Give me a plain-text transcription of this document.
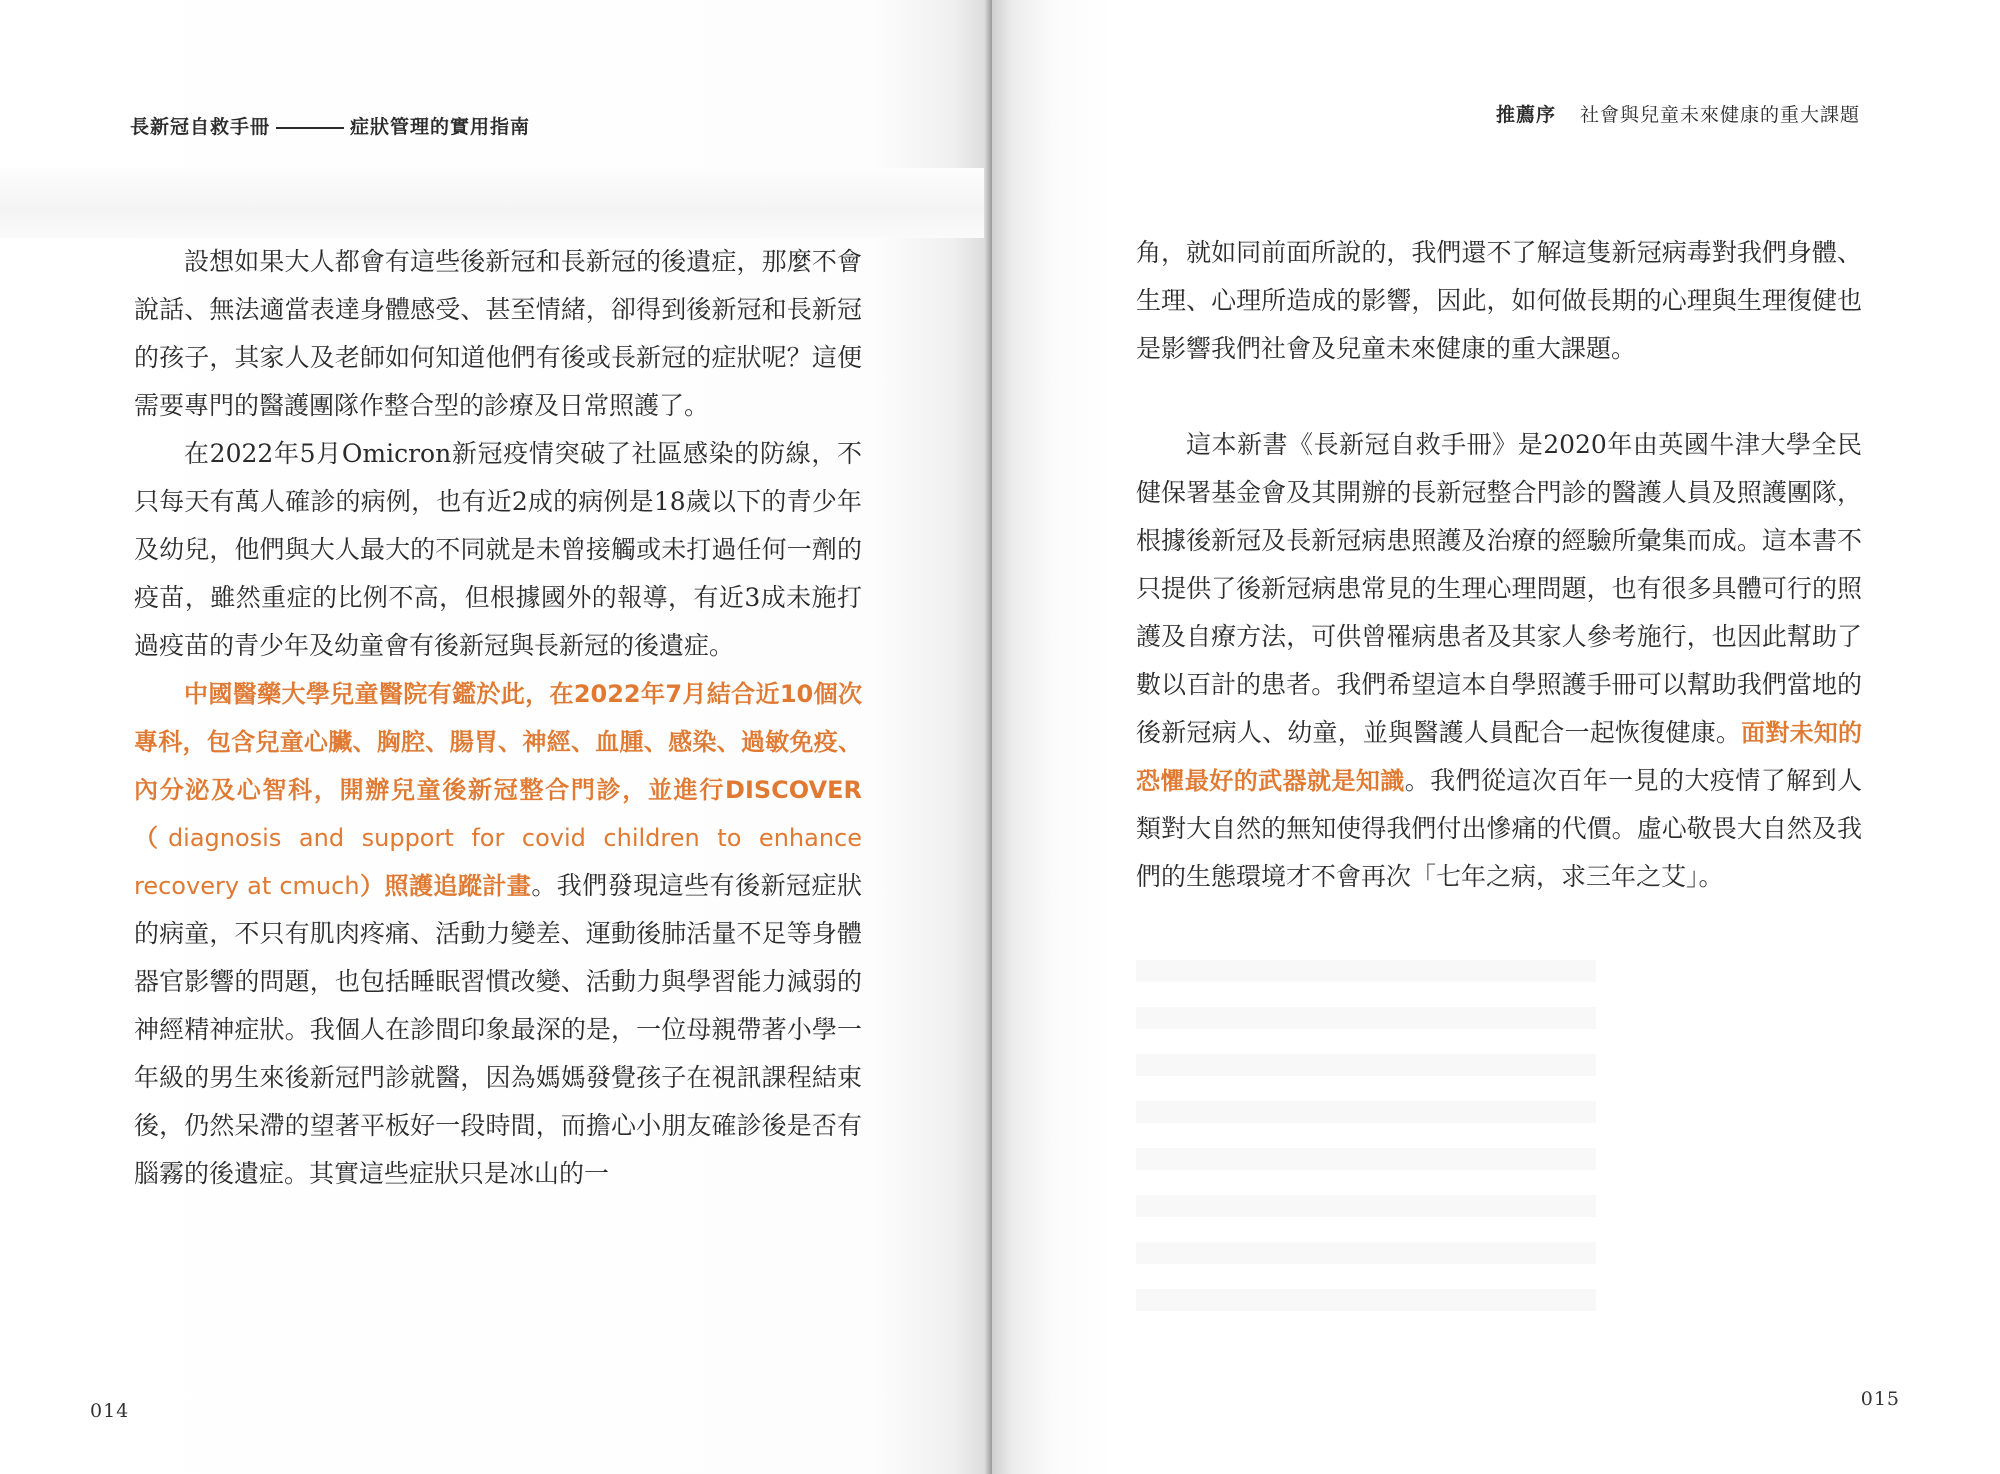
長新冠自救手冊	症狀管理的實用指南

設想如果大人都會有這些後新冠和長新冠的後遺症，那麼不會說話、無法適當表達身體感受、甚至情緒，卻得到後新冠和長新冠的孩子，其家人及老師如何知道他們有後或長新冠的症狀呢？這便需要專門的醫護團隊作整合型的診療及日常照護了。

在2022年5月Omicron新冠疫情突破了社區感染的防線，不只每天有萬人確診的病例，也有近2成的病例是18歲以下的青少年及幼兒，他們與大人最大的不同就是未曾接觸或未打過任何一劑的疫苗，雖然重症的比例不高，但根據國外的報導，有近3成未施打過疫苗的青少年及幼童會有後新冠與長新冠的後遺症。

中國醫藥大學兒童醫院有鑑於此，在2022年7月結合近10個次專科，包含兒童心臟、胸腔、腸胃、神經、血腫、感染、過敏免疫、內分泌及心智科，開辦兒童後新冠整合門診，並進行DISCOVER（diagnosis and support for covid children to enhance recovery at cmuch）照護追蹤計畫。我們發現這些有後新冠症狀的病童，不只有肌肉疼痛、活動力變差、運動後肺活量不足等身體器官影響的問題，也包括睡眠習慣改變、活動力與學習能力減弱的神經精神症狀。我個人在診間印象最深的是，一位母親帶著小學一年級的男生來後新冠門診就醫，因為媽媽發覺孩子在視訊課程結束後，仍然呆滯的望著平板好一段時間，而擔心小朋友確診後是否有腦霧的後遺症。其實這些症狀只是冰山的一

014
推薦序 社會與兒童未來健康的重大課題

角，就如同前面所說的，我們還不了解這隻新冠病毒對我們身體、生理、心理所造成的影響，因此，如何做長期的心理與生理復健也是影響我們社會及兒童未來健康的重大課題。

這本新書《長新冠自救手冊》是2020年由英國牛津大學全民健保署基金會及其開辦的長新冠整合門診的醫護人員及照護團隊，根據後新冠及長新冠病患照護及治療的經驗所彙集而成。這本書不只提供了後新冠病患常見的生理心理問題，也有很多具體可行的照護及自療方法，可供曾罹病患者及其家人參考施行，也因此幫助了數以百計的患者。我們希望這本自學照護手冊可以幫助我們當地的後新冠病人、幼童，並與醫護人員配合一起恢復健康。面對未知的恐懼最好的武器就是知識。我們從這次百年一見的大疫情了解到人類對大自然的無知使得我們付出慘痛的代價。虛心敬畏大自然及我們的生態環境才不會再次「七年之病，求三年之艾」。

015
